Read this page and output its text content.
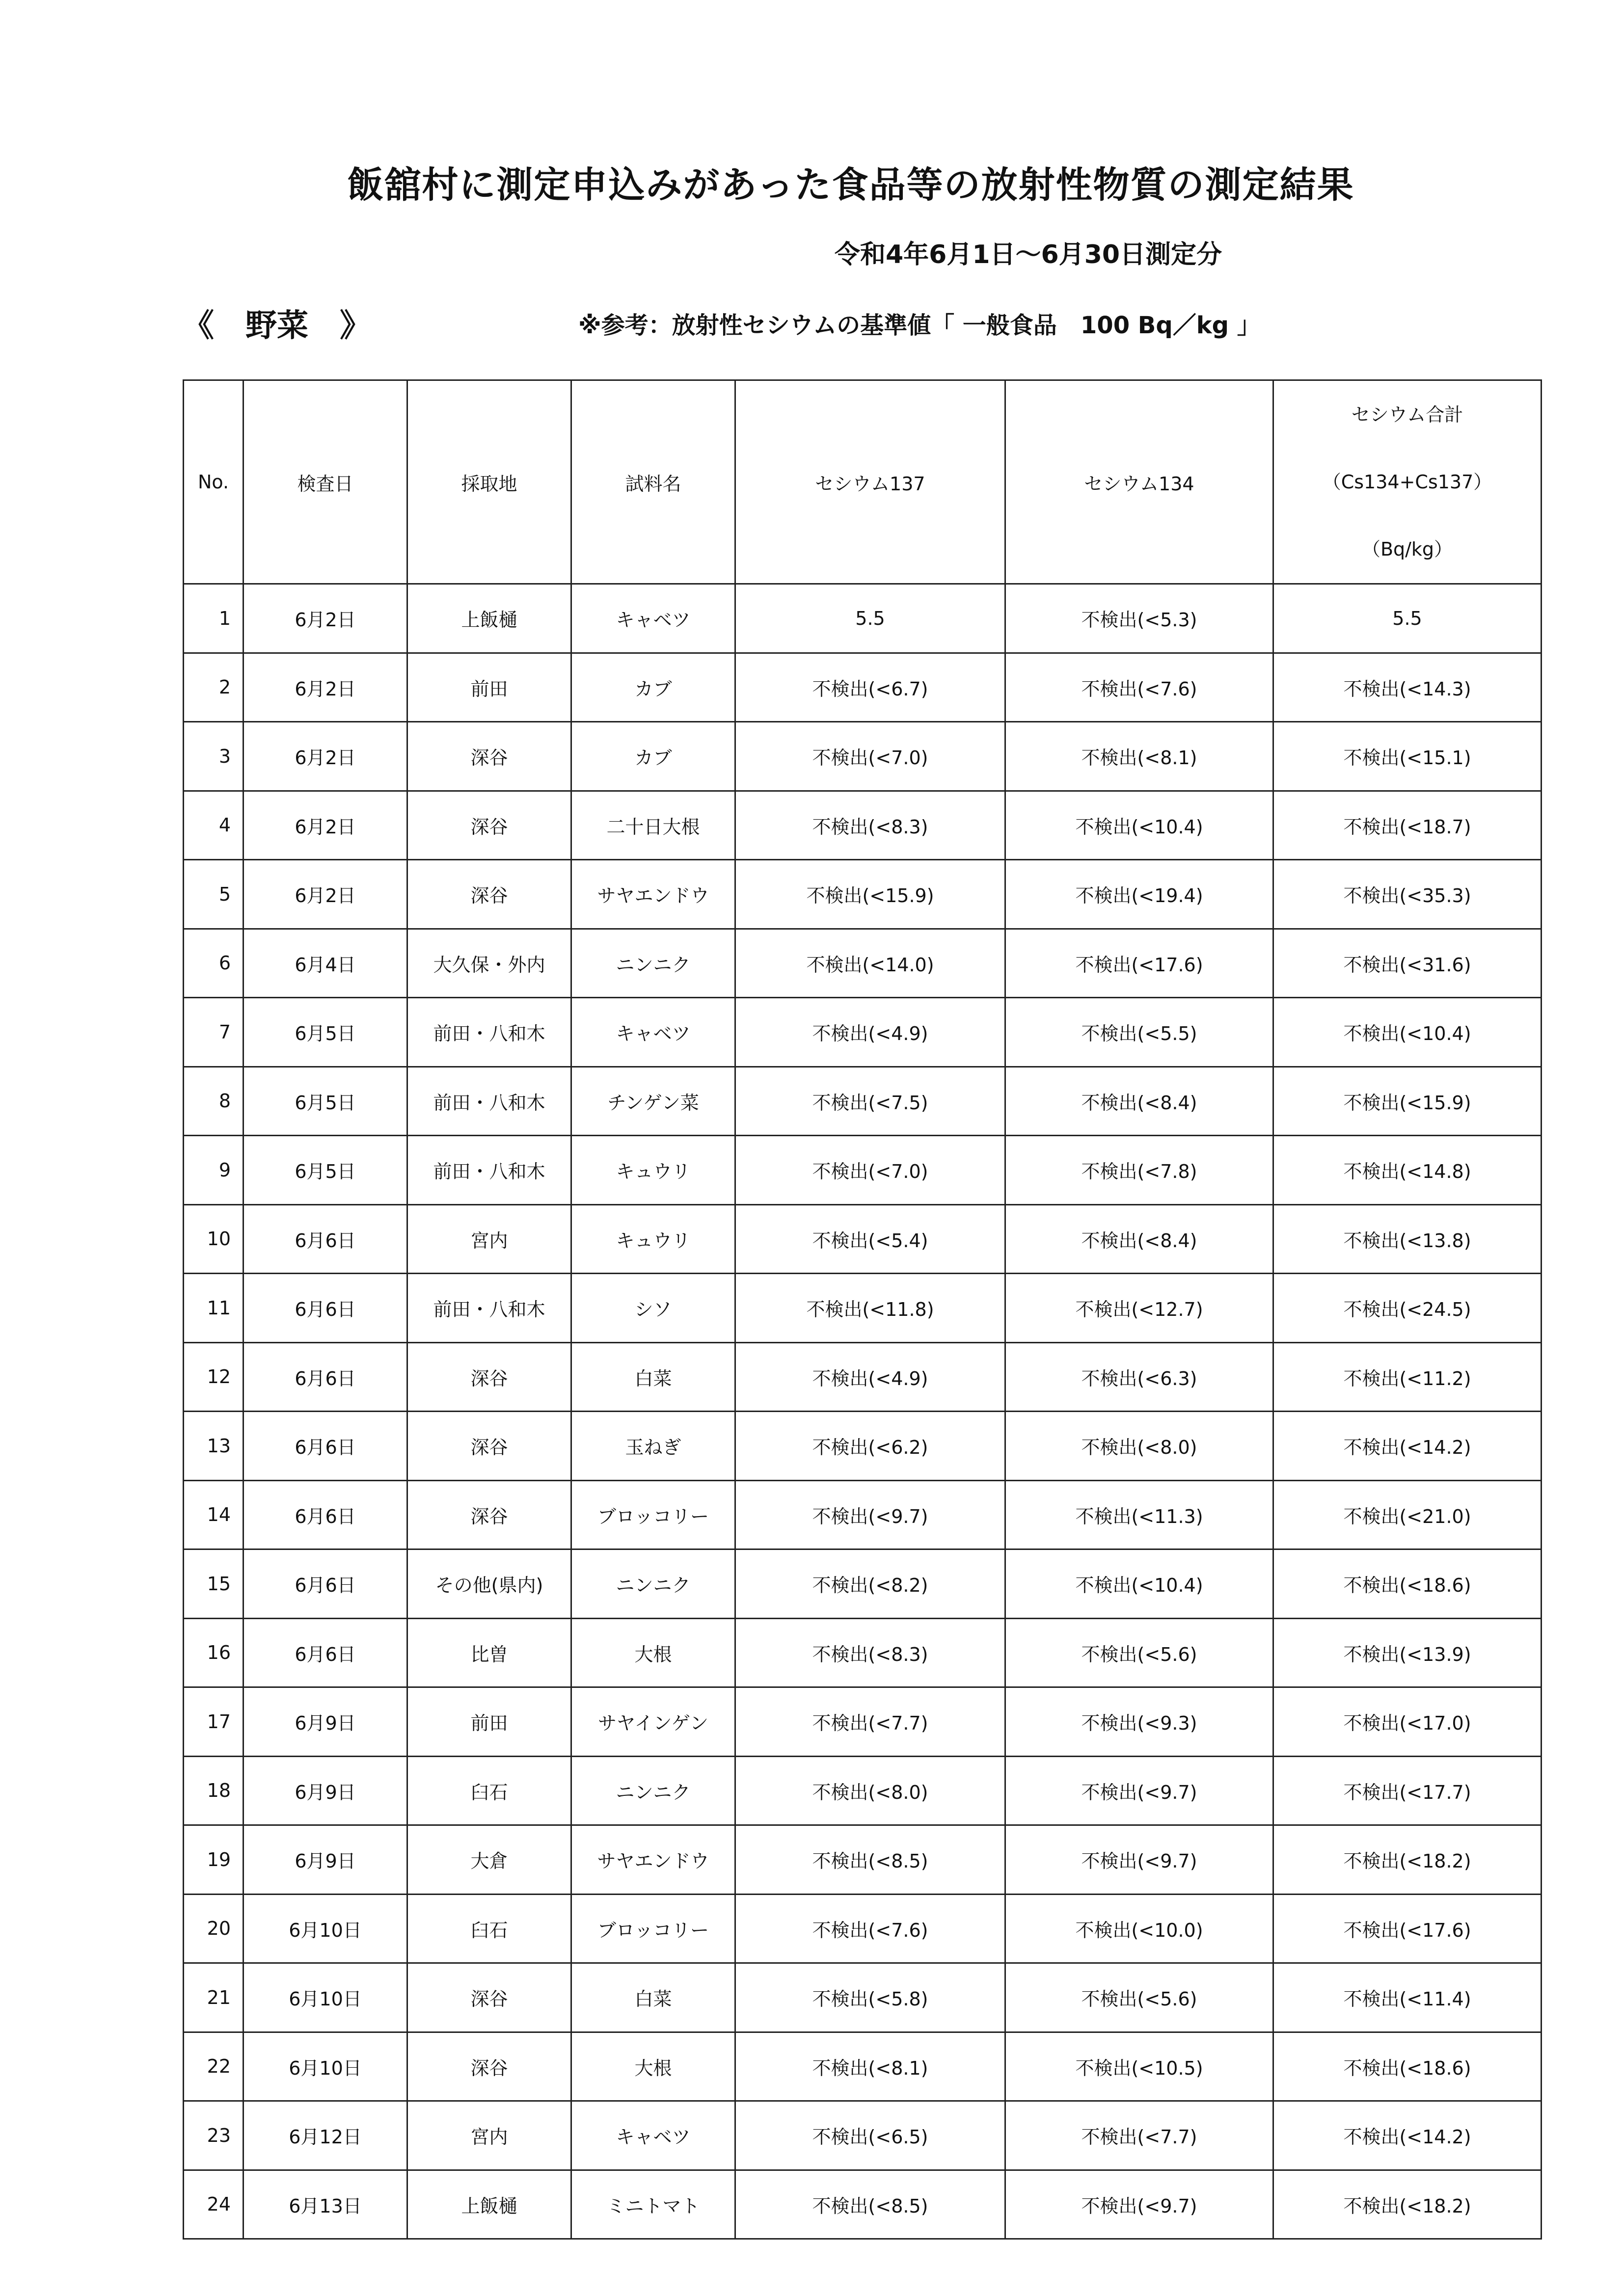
飯舘村に測定申込みがあった食品等の放射性物質の測定結果
令和4年6月1日～6月30日測定分
《　野菜　》	※参考：放射性セシウムの基準値「 一般食品　100 Bq／kg 」
No.	検査日	採取地	試料名	セシウム137	セシウム134	セシウム合計
（Cs134+Cs137）
（Bq/kg）

1	6月2日	上飯樋	キャベツ	5.5	不検出(<5.3)	5.5
2	6月2日	前田	カブ	不検出(<6.7)	不検出(<7.6)	不検出(<14.3)
3	6月2日	深谷	カブ	不検出(<7.0)	不検出(<8.1)	不検出(<15.1)
4	6月2日	深谷	二十日大根	不検出(<8.3)	不検出(<10.4)	不検出(<18.7)
5	6月2日	深谷	サヤエンドウ	不検出(<15.9)	不検出(<19.4)	不検出(<35.3)
6	6月4日	大久保・外内	ニンニク	不検出(<14.0)	不検出(<17.6)	不検出(<31.6)
7	6月5日	前田・八和木	キャベツ	不検出(<4.9)	不検出(<5.5)	不検出(<10.4)
8	6月5日	前田・八和木	チンゲン菜	不検出(<7.5)	不検出(<8.4)	不検出(<15.9)
9	6月5日	前田・八和木	キュウリ	不検出(<7.0)	不検出(<7.8)	不検出(<14.8)
10	6月6日	宮内	キュウリ	不検出(<5.4)	不検出(<8.4)	不検出(<13.8)
11	6月6日	前田・八和木	シソ	不検出(<11.8)	不検出(<12.7)	不検出(<24.5)
12	6月6日	深谷	白菜	不検出(<4.9)	不検出(<6.3)	不検出(<11.2)
13	6月6日	深谷	玉ねぎ	不検出(<6.2)	不検出(<8.0)	不検出(<14.2)
14	6月6日	深谷	ブロッコリー	不検出(<9.7)	不検出(<11.3)	不検出(<21.0)
15	6月6日	その他(県内)	ニンニク	不検出(<8.2)	不検出(<10.4)	不検出(<18.6)
16	6月6日	比曽	大根	不検出(<8.3)	不検出(<5.6)	不検出(<13.9)
17	6月9日	前田	サヤインゲン	不検出(<7.7)	不検出(<9.3)	不検出(<17.0)
18	6月9日	臼石	ニンニク	不検出(<8.0)	不検出(<9.7)	不検出(<17.7)
19	6月9日	大倉	サヤエンドウ	不検出(<8.5)	不検出(<9.7)	不検出(<18.2)
20	6月10日	臼石	ブロッコリー	不検出(<7.6)	不検出(<10.0)	不検出(<17.6)
21	6月10日	深谷	白菜	不検出(<5.8)	不検出(<5.6)	不検出(<11.4)
22	6月10日	深谷	大根	不検出(<8.1)	不検出(<10.5)	不検出(<18.6)
23	6月12日	宮内	キャベツ	不検出(<6.5)	不検出(<7.7)	不検出(<14.2)
24	6月13日	上飯樋	ミニトマト	不検出(<8.5)	不検出(<9.7)	不検出(<18.2)
